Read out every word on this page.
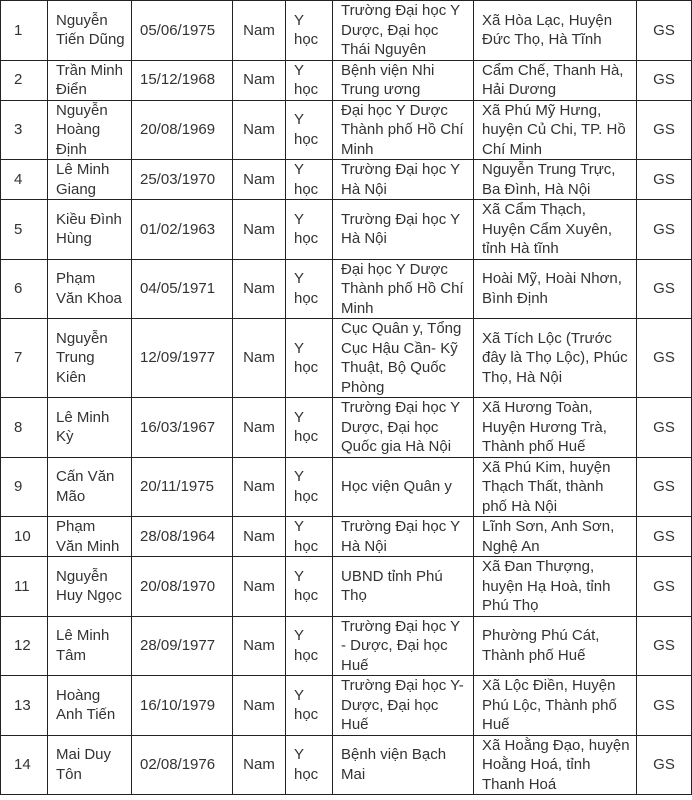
1	Nguyễn Tiến Dũng	05/06/1975	Nam	Y học	Trường Đại học Y Dược, Đại học Thái Nguyên	Xã Hòa Lạc, Huyện Đức Thọ, Hà Tĩnh	GS
2	Trần Minh Điển	15/12/1968	Nam	Y học	Bệnh viện Nhi Trung ương	Cẩm Chế, Thanh Hà, Hải Dương	GS
3	Nguyễn Hoàng Định	20/08/1969	Nam	Y học	Đại học Y Dược Thành phố Hồ Chí Minh	Xã Phú Mỹ Hưng, huyện Củ Chi, TP. Hồ Chí Minh	GS
4	Lê Minh Giang	25/03/1970	Nam	Y học	Trường Đại học Y Hà Nội	Nguyễn Trung Trực, Ba Đình, Hà Nội	GS
5	Kiều Đình Hùng	01/02/1963	Nam	Y học	Trường Đại học Y Hà Nội	Xã Cẩm Thạch, Huyện Cẩm Xuyên, tỉnh Hà tĩnh	GS
6	Phạm Văn Khoa	04/05/1971	Nam	Y học	Đại học Y Dược Thành phố Hồ Chí Minh	Hoài Mỹ, Hoài Nhơn, Bình Định	GS
7	Nguyễn Trung Kiên	12/09/1977	Nam	Y học	Cục Quân y, Tổng Cục Hậu Cần- Kỹ Thuật, Bộ Quốc Phòng	Xã Tích Lộc (Trước đây là Thọ Lộc), Phúc Thọ, Hà Nội	GS
8	Lê Minh Kỳ	16/03/1967	Nam	Y học	Trường Đại học Y Dược, Đại học Quốc gia Hà Nội	Xã Hương Toàn, Huyện Hương Trà, Thành phố Huế	GS
9	Cấn Văn Mão	20/11/1975	Nam	Y học	Học viện Quân y	Xã Phú Kim, huyện Thạch Thất, thành phố Hà Nội	GS
10	Phạm Văn Minh	28/08/1964	Nam	Y học	Trường Đại học Y Hà Nội	Lĩnh Sơn, Anh Sơn, Nghệ An	GS
11	Nguyễn Huy Ngọc	20/08/1970	Nam	Y học	UBND tỉnh Phú Thọ	Xã Đan Thượng, huyện Hạ Hoà, tỉnh Phú Thọ	GS
12	Lê Minh Tâm	28/09/1977	Nam	Y học	Trường Đại học Y - Dược, Đại học Huế	Phường Phú Cát, Thành phố Huế	GS
13	Hoàng Anh Tiến	16/10/1979	Nam	Y học	Trường Đại học Y- Dược, Đại học Huế	Xã Lộc Điền, Huyện Phú Lộc, Thành phố Huế	GS
14	Mai Duy Tôn	02/08/1976	Nam	Y học	Bệnh viện Bạch Mai	Xã Hoằng Đạo, huyện Hoằng Hoá, tỉnh Thanh Hoá	GS
